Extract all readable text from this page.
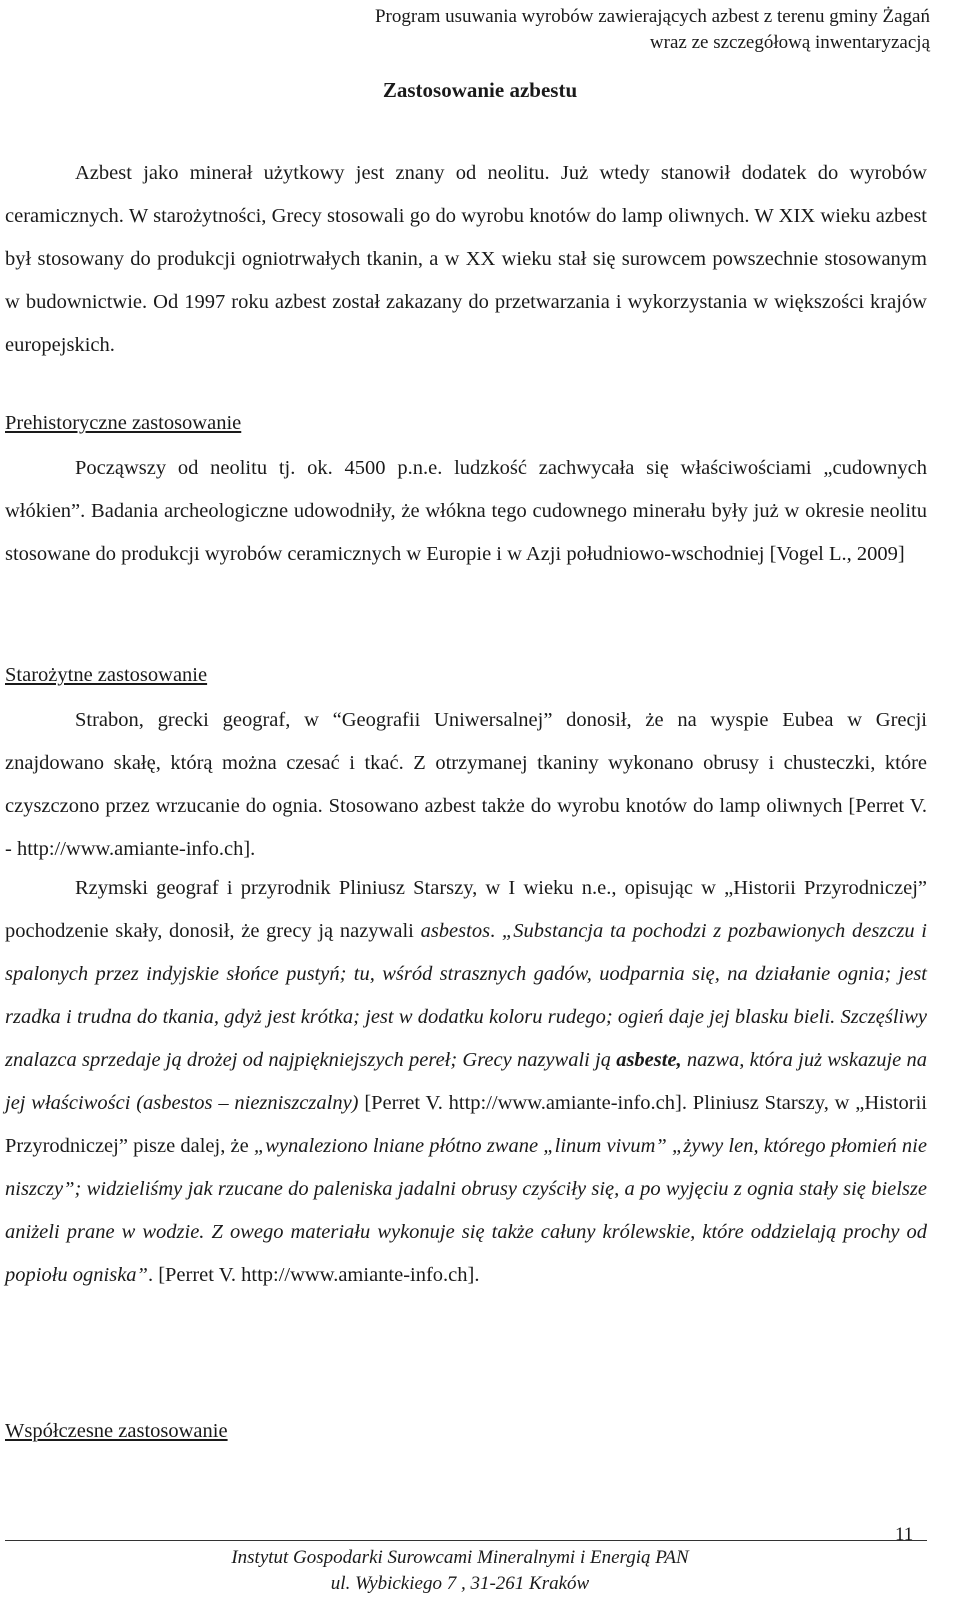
Program usuwania wyrobów zawierających azbest z terenu gminy Żagań
wraz ze szczegółową inwentaryzacją
Zastosowanie azbestu

Azbest jako minerał użytkowy jest znany od neolitu. Już wtedy stanowił dodatek do wyrobów ceramicznych. W starożytności, Grecy stosowali go do wyrobu knotów do lamp oliwnych. W XIX wieku azbest był stosowany do produkcji ogniotrwałych tkanin, a w XX wieku stał się surowcem powszechnie stosowanym w budownictwie. Od 1997 roku azbest został zakazany do przetwarzania i wykorzystania w większości krajów europejskich.

Prehistoryczne zastosowanie

Począwszy od neolitu tj. ok. 4500 p.n.e. ludzkość zachwycała się właściwościami „cudownych włókien”. Badania archeologiczne udowodniły, że włókna tego cudownego minerału były już w okresie neolitu stosowane do produkcji wyrobów ceramicznych w Europie i w Azji południowo-wschodniej [Vogel L., 2009]

Starożytne zastosowanie

Strabon, grecki geograf, w “Geografii Uniwersalnej” donosił, że na wyspie Eubea w Grecji znajdowano skałę, którą można czesać i tkać. Z otrzymanej tkaniny wykonano obrusy i chusteczki, które czyszczono przez wrzucanie do ognia. Stosowano azbest także do wyrobu knotów do lamp oliwnych [Perret V. - http://www.amiante-info.ch].

Rzymski geograf i przyrodnik Pliniusz Starszy, w I wieku n.e., opisując w „Historii Przyrodniczej” pochodzenie skały, donosił, że grecy ją nazywali asbestos. „Substancja ta pochodzi z pozbawionych deszczu i spalonych przez indyjskie słońce pustyń; tu, wśród strasznych gadów, uodparnia się, na działanie ognia; jest rzadka i trudna do tkania, gdyż jest krótka; jest w dodatku koloru rudego; ogień daje jej blasku bieli. Szczęśliwy znalazca sprzedaje ją drożej od najpiękniejszych pereł; Grecy nazywali ją asbeste, nazwa, która już wskazuje na jej właściwości (asbestos – niezniszczalny) [Perret V. http://www.amiante-info.ch]. Pliniusz Starszy, w „Historii Przyrodniczej” pisze dalej, że „wynaleziono lniane płótno zwane „linum vivum” „żywy len, którego płomień nie niszczy”; widzieliśmy jak rzucane do paleniska jadalni obrusy czyściły się, a po wyjęciu z ognia stały się bielsze aniżeli prane w wodzie. Z owego materiału wykonuje się także całuny królewskie, które oddzielają prochy od popiołu ogniska”. [Perret V. http://www.amiante-info.ch].

Współczesne zastosowanie
Instytut Gospodarki Surowcami Mineralnymi i Energią PAN
ul. Wybickiego 7 , 31-261 Kraków
11
